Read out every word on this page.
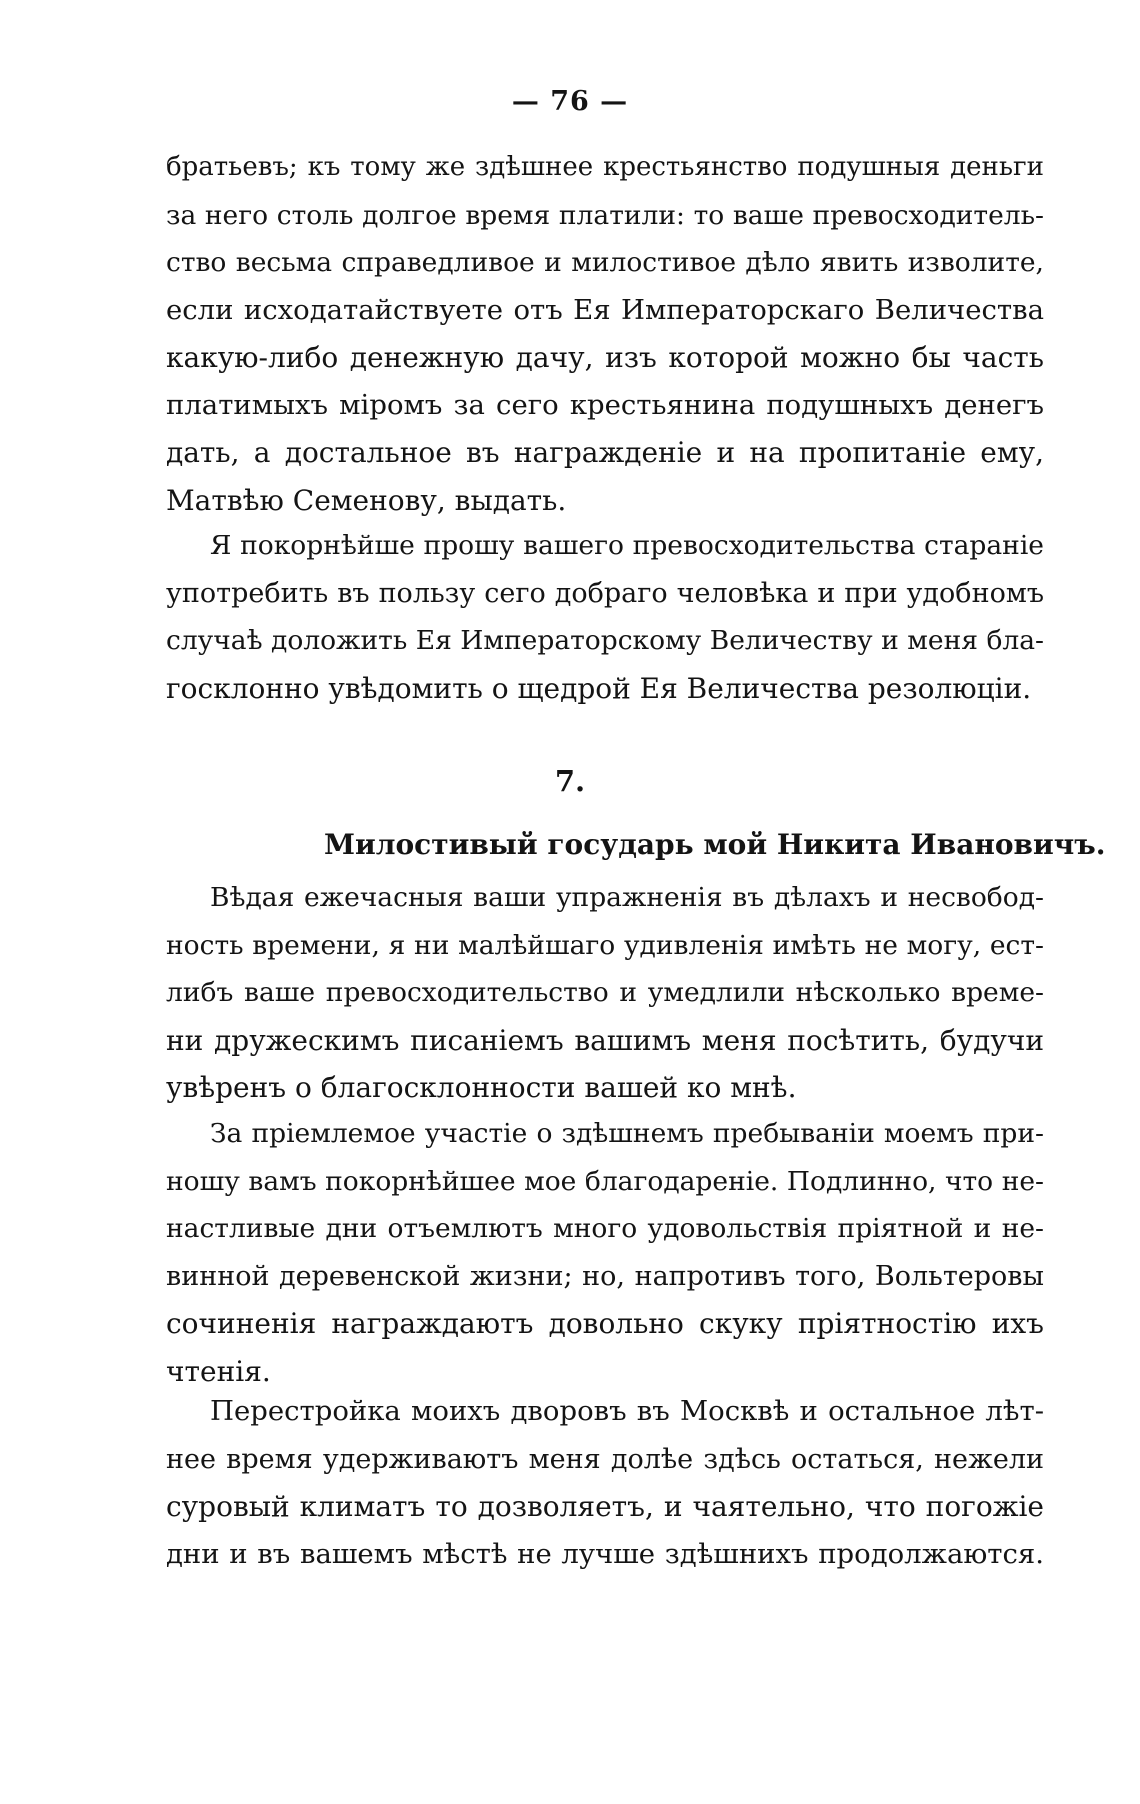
— 76 —
братьевъ; къ тому же здѣшнее крестьянство подушныя деньги
за него столь долгое время платили: то ваше превосходитель-
ство весьма справедливое и милостивое дѣло явить изволите,
если исходатайствуете отъ Ея Императорскаго Величества
какую-либо денежную дачу, изъ которой можно бы часть
платимыхъ міромъ за сего крестьянина подушныхъ денегъ
дать, а достальное въ награжденіе и на пропитаніе ему,
Матвѣю Семенову, выдать.
Я покорнѣйше прошу вашего превосходительства стараніе
употребить въ пользу сего добраго человѣка и при удобномъ
случаѣ доложить Ея Императорскому Величеству и меня бла-
госклонно увѣдомить о щедрой Ея Величества резолюціи.
7.
Милостивый государь мой Никита Ивановичъ.
Вѣдая ежечасныя ваши упражненія въ дѣлахъ и несвобод-
ность времени, я ни малѣйшаго удивленія имѣть не могу, ест-
либъ ваше превосходительство и умедлили нѣсколько време-
ни дружескимъ писаніемъ вашимъ меня посѣтить, будучи
увѣренъ о благосклонности вашей ко мнѣ.
За пріемлемое участіе о здѣшнемъ пребываніи моемъ при-
ношу вамъ покорнѣйшее мое благодареніе. Подлинно, что не-
настливые дни отъемлютъ много удовольствія пріятной и не-
винной деревенской жизни; но, напротивъ того, Вольтеровы
сочиненія награждаютъ довольно скуку пріятностію ихъ
чтенія.
Перестройка моихъ дворовъ въ Москвѣ и остальное лѣт-
нее время удерживаютъ меня долѣе здѣсь остаться, нежели
суровый климатъ то дозволяетъ, и чаятельно, что погожіе
дни и въ вашемъ мѣстѣ не лучше здѣшнихъ продолжаются.
